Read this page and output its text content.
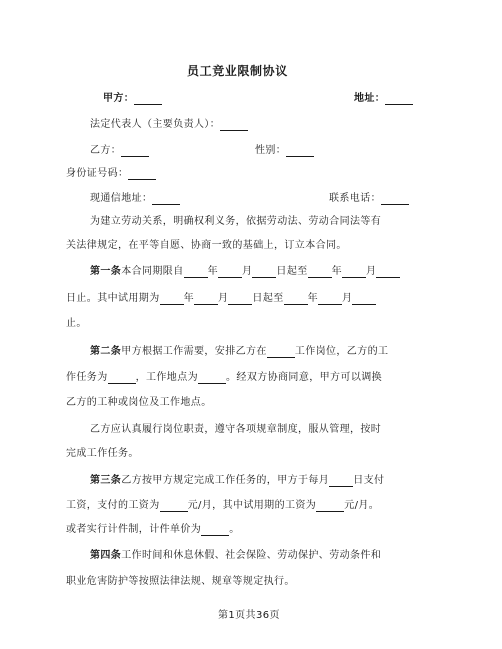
员工竞业限制协议
甲方：	地址：
法定代表人（主要负责人）：
乙方：	性别：
身份证号码：
现通信地址：	联系电话：
为建立劳动关系，明确权利义务，依据劳动法、劳动合同法等有
关法律规定，在平等自愿、协商一致的基础上，订立本合同。
第一条本合同期限自 年 月 日起至 年 月
日止。其中试用期为 年 月 日起至 年 月
止。
第二条甲方根据工作需要，安排乙方在	工作岗位，乙方的工
作任务为	，工作地点为	。经双方协商同意，甲方可以调换
乙方的工种或岗位及工作地点。
乙方应认真履行岗位职责，遵守各项规章制度，服从管理，按时
完成工作任务。
第三条乙方按甲方规定完成工作任务的，甲方于每月 日支付
工资，支付的工资为	元/月，其中试用期的工资为	元/月。
或者实行计件制，计件单价为	。
第四条工作时间和休息休假、社会保险、劳动保护、劳动条件和
职业危害防护等按照法律法规、规章等规定执行。
第1页共36页
